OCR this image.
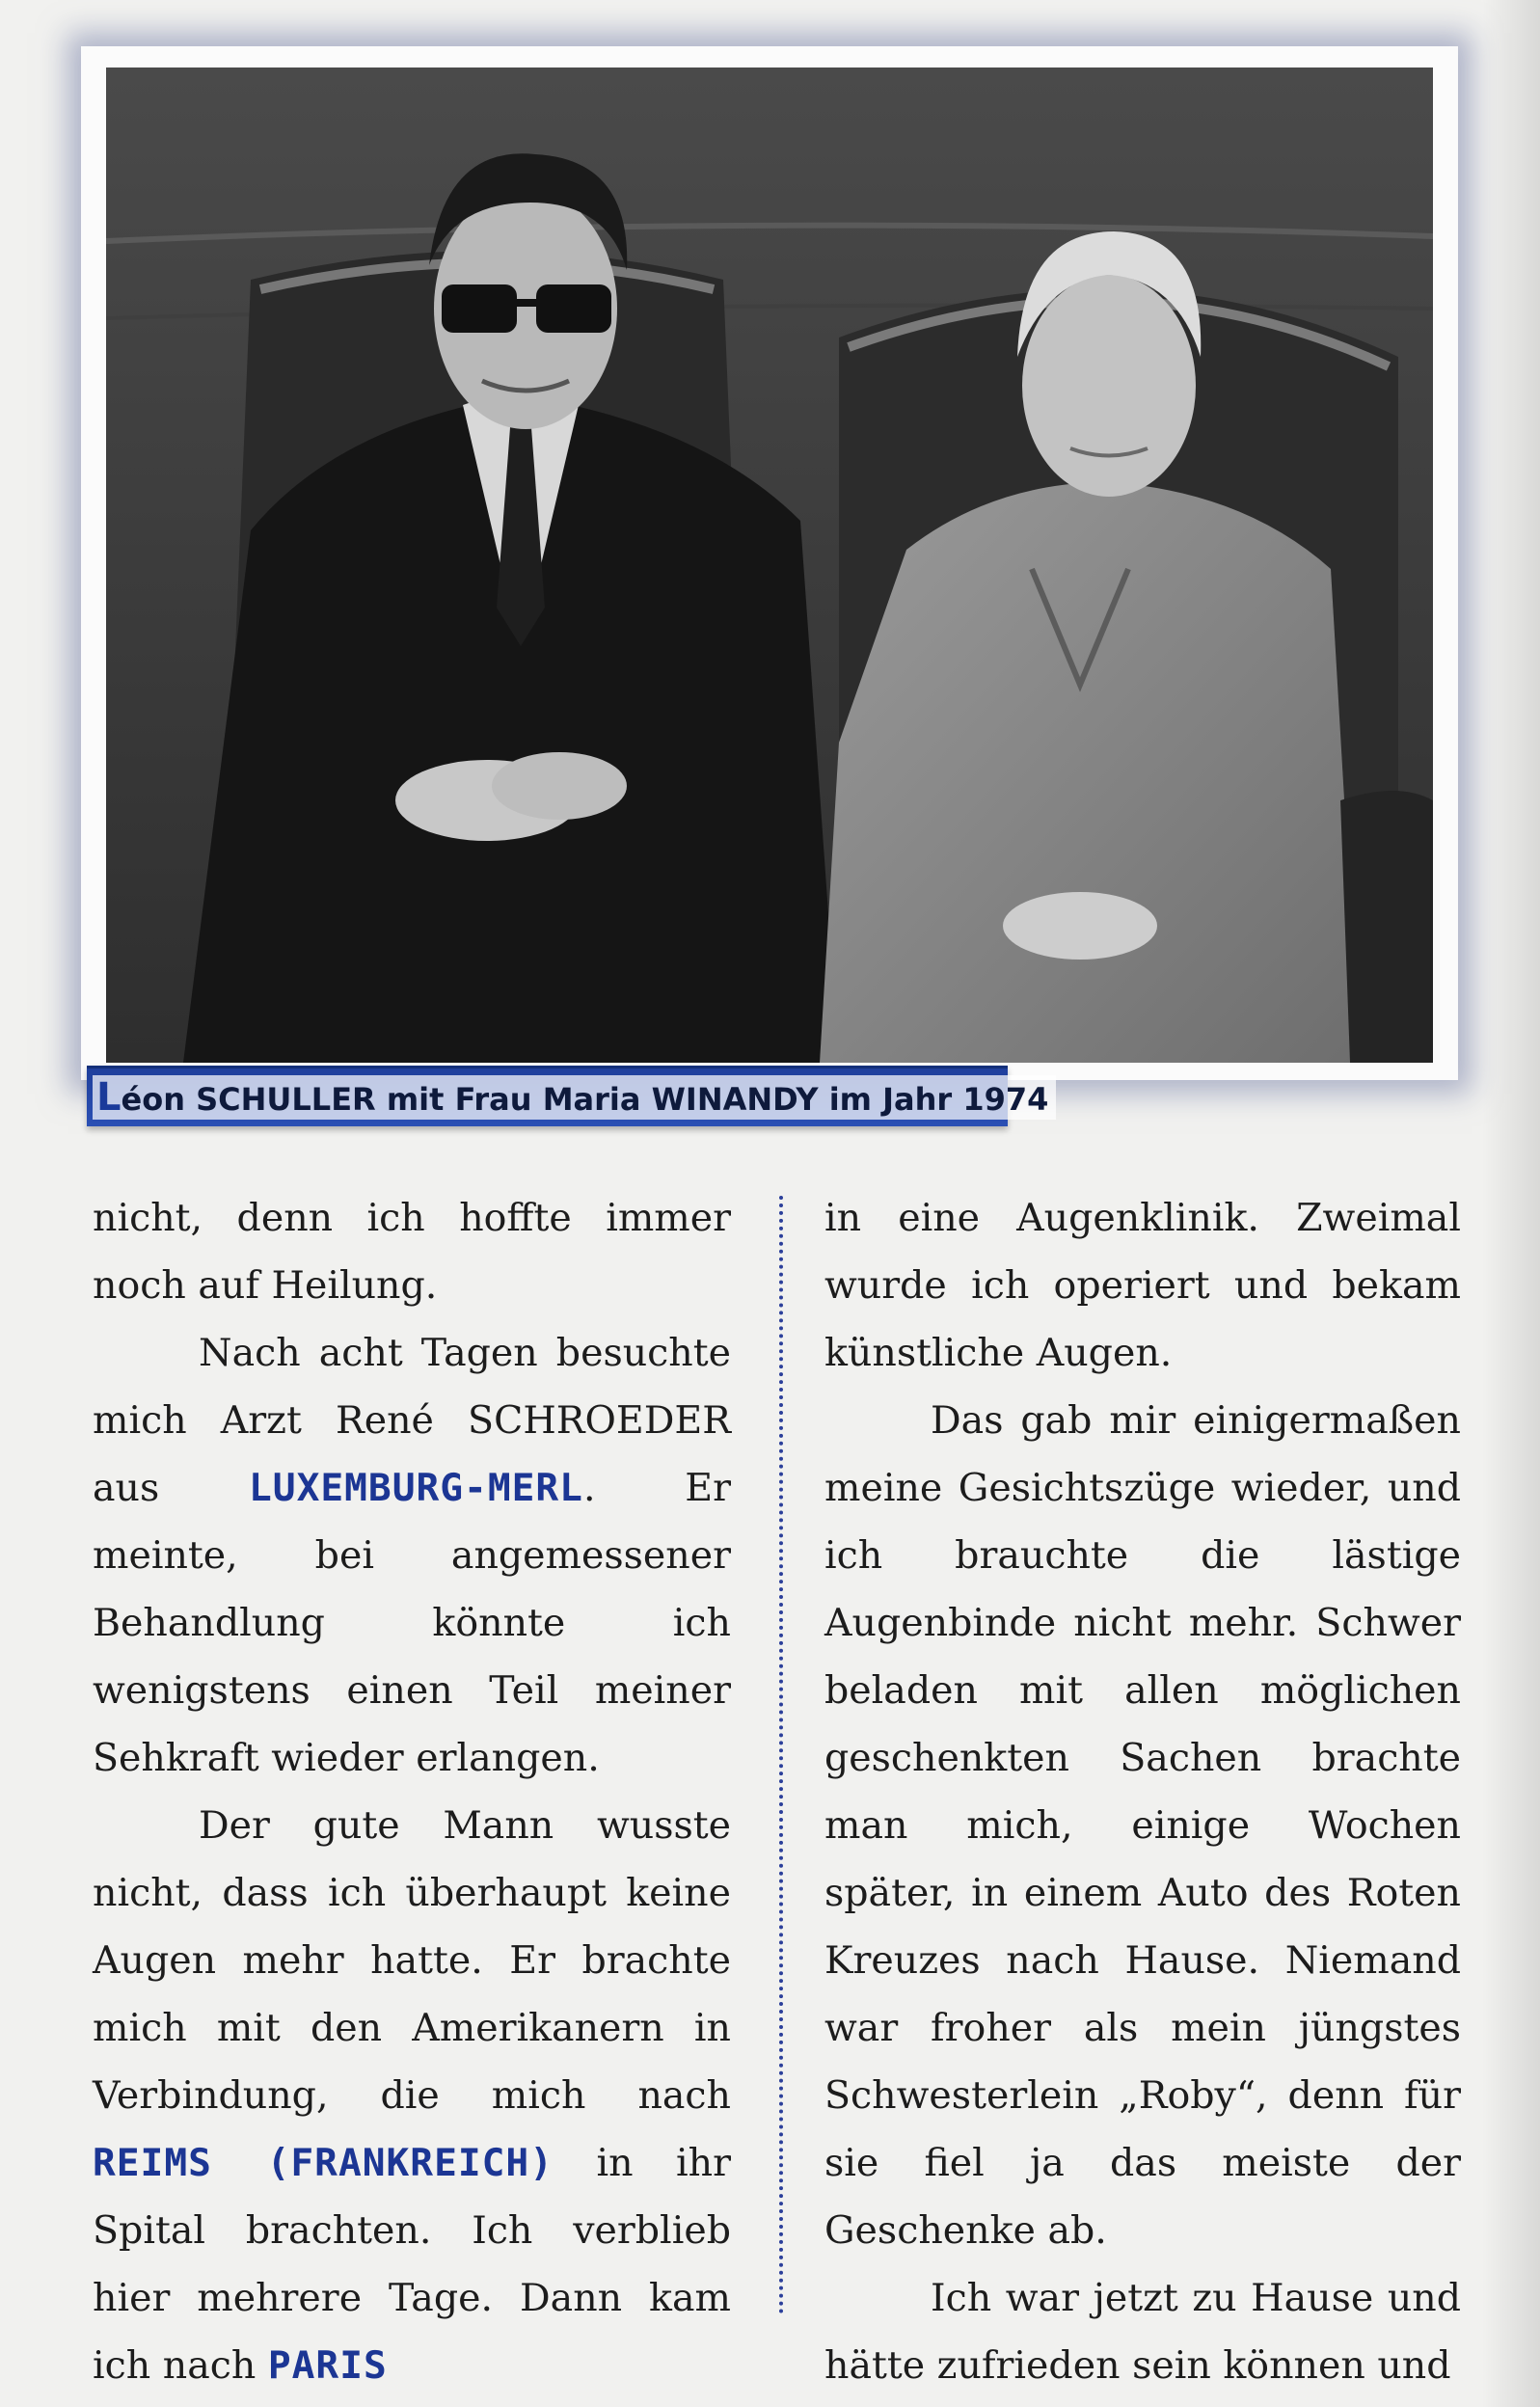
Léon SCHULLER mit Frau Maria WINANDY im Jahr 1974

nicht, denn ich hoffte immer noch auf Heilung.

Nach acht Tagen besuchte mich Arzt René SCHROEDER aus LUXEMBURG-MERL. Er meinte, bei angemessener Behandlung könnte ich wenigstens einen Teil meiner Sehkraft wieder erlangen.

Der gute Mann wusste nicht, dass ich überhaupt keine Augen mehr hatte. Er brachte mich mit den Amerikanern in Verbindung, die mich nach REIMS (FRANKREICH) in ihr Spital brachten. Ich verblieb hier mehrere Tage. Dann kam ich nach PARIS

in eine Augenklinik. Zweimal wurde ich operiert und bekam künstliche Augen.

Das gab mir einigermaßen meine Gesichtszüge wieder, und ich brauchte die lästige Augenbinde nicht mehr. Schwer beladen mit allen möglichen geschenkten Sachen brachte man mich, einige Wochen später, in einem Auto des Roten Kreuzes nach Hause. Niemand war froher als mein jüngstes Schwesterlein „Roby“, denn für sie fiel ja das meiste der Geschenke ab.

Ich war jetzt zu Hause und hätte zufrieden sein können und
